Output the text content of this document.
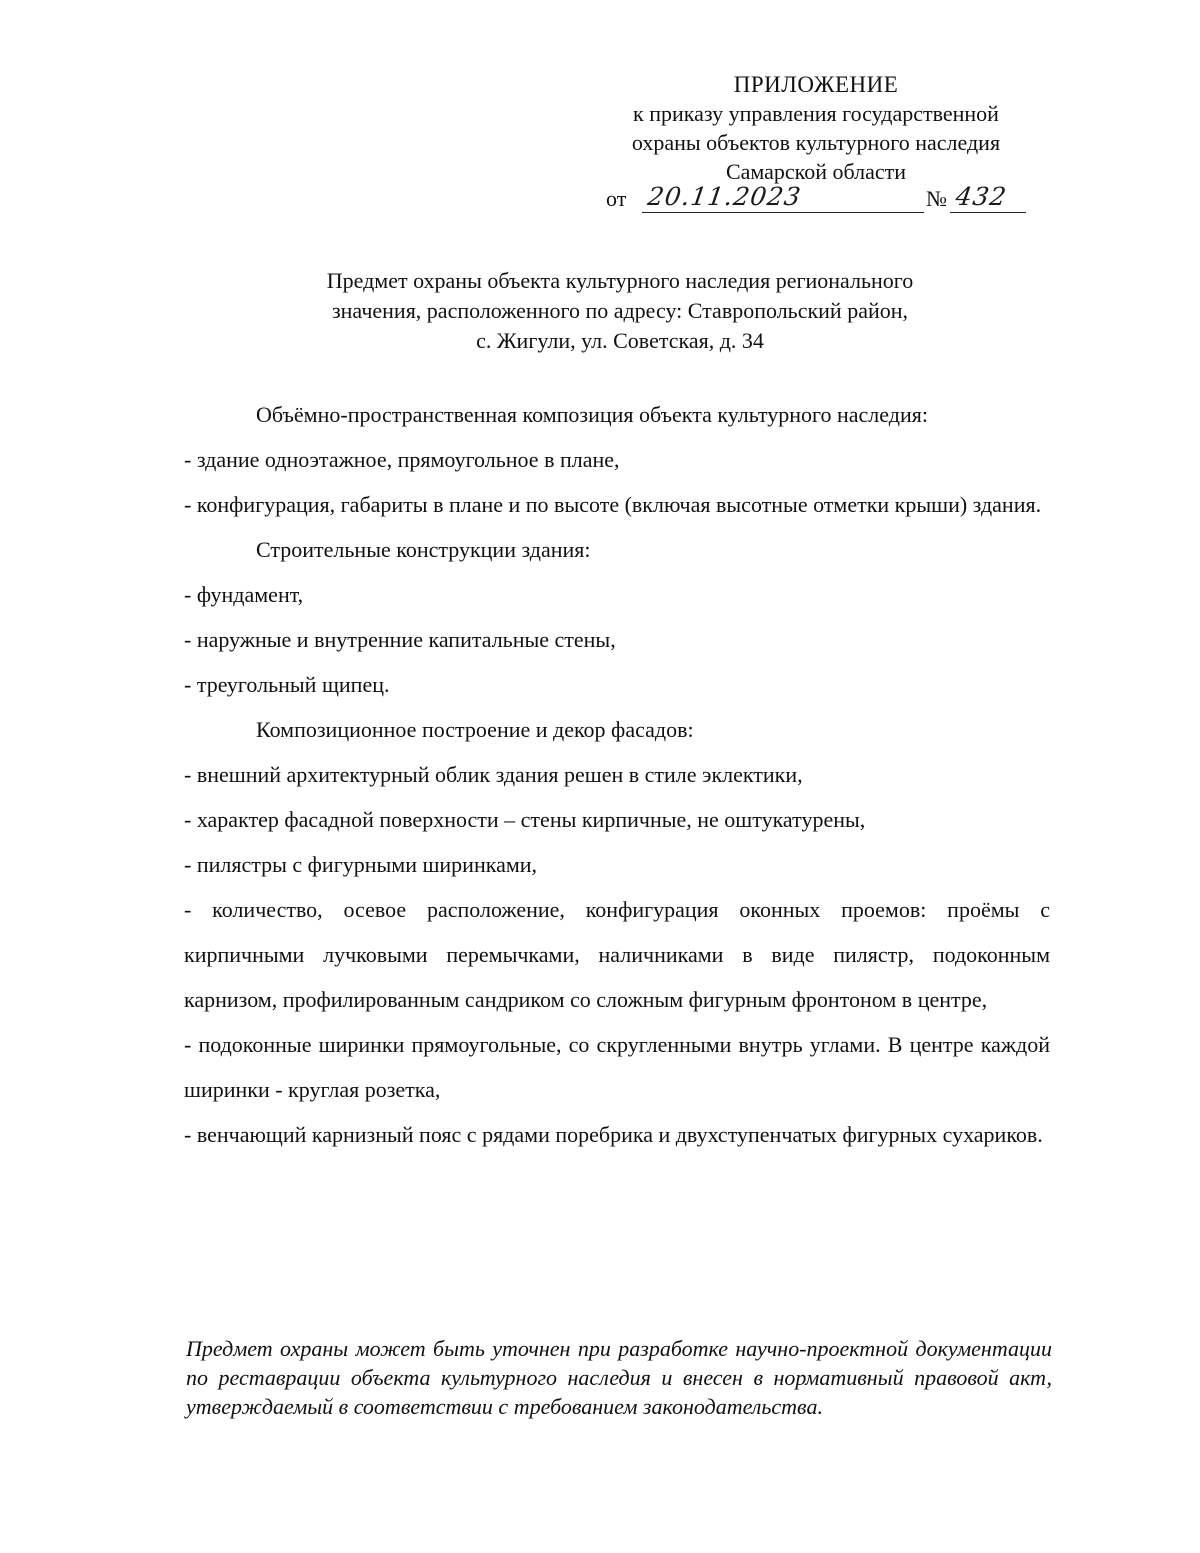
ПРИЛОЖЕНИЕ
к приказу управления государственной
охраны объектов культурного наследия
Самарской области
от 20.11.2023	№ 432
Предмет охраны объекта культурного наследия регионального
значения, расположенного по адресу: Ставропольский район,
с. Жигули, ул. Советская, д. 34

Объёмно-пространственная композиция объекта культурного наследия:

- здание одноэтажное, прямоугольное в плане,

- конфигурация, габариты в плане и по высоте (включая высотные отметки крыши) здания.

Строительные конструкции здания:

- фундамент,

- наружные и внутренние капитальные стены,

- треугольный щипец.

Композиционное построение и декор фасадов:

- внешний архитектурный облик здания решен в стиле эклектики,

- характер фасадной поверхности – стены кирпичные, не оштукатурены,

- пилястры с фигурными ширинками,

- количество, осевое расположение, конфигурация оконных проемов: проёмы с кирпичными лучковыми перемычками, наличниками в виде пилястр, подоконным карнизом, профилированным сандриком со сложным фигурным фронтоном в центре,

- подоконные ширинки прямоугольные, со скругленными внутрь углами. В центре каждой ширинки - круглая розетка,

- венчающий карнизный пояс с рядами поребрика и двухступенчатых фигурных сухариков.

Предмет охраны может быть уточнен при разработке научно-проектной документации по реставрации объекта культурного наследия и внесен в нормативный правовой акт, утверждаемый в соответствии с требованием законодательства.
